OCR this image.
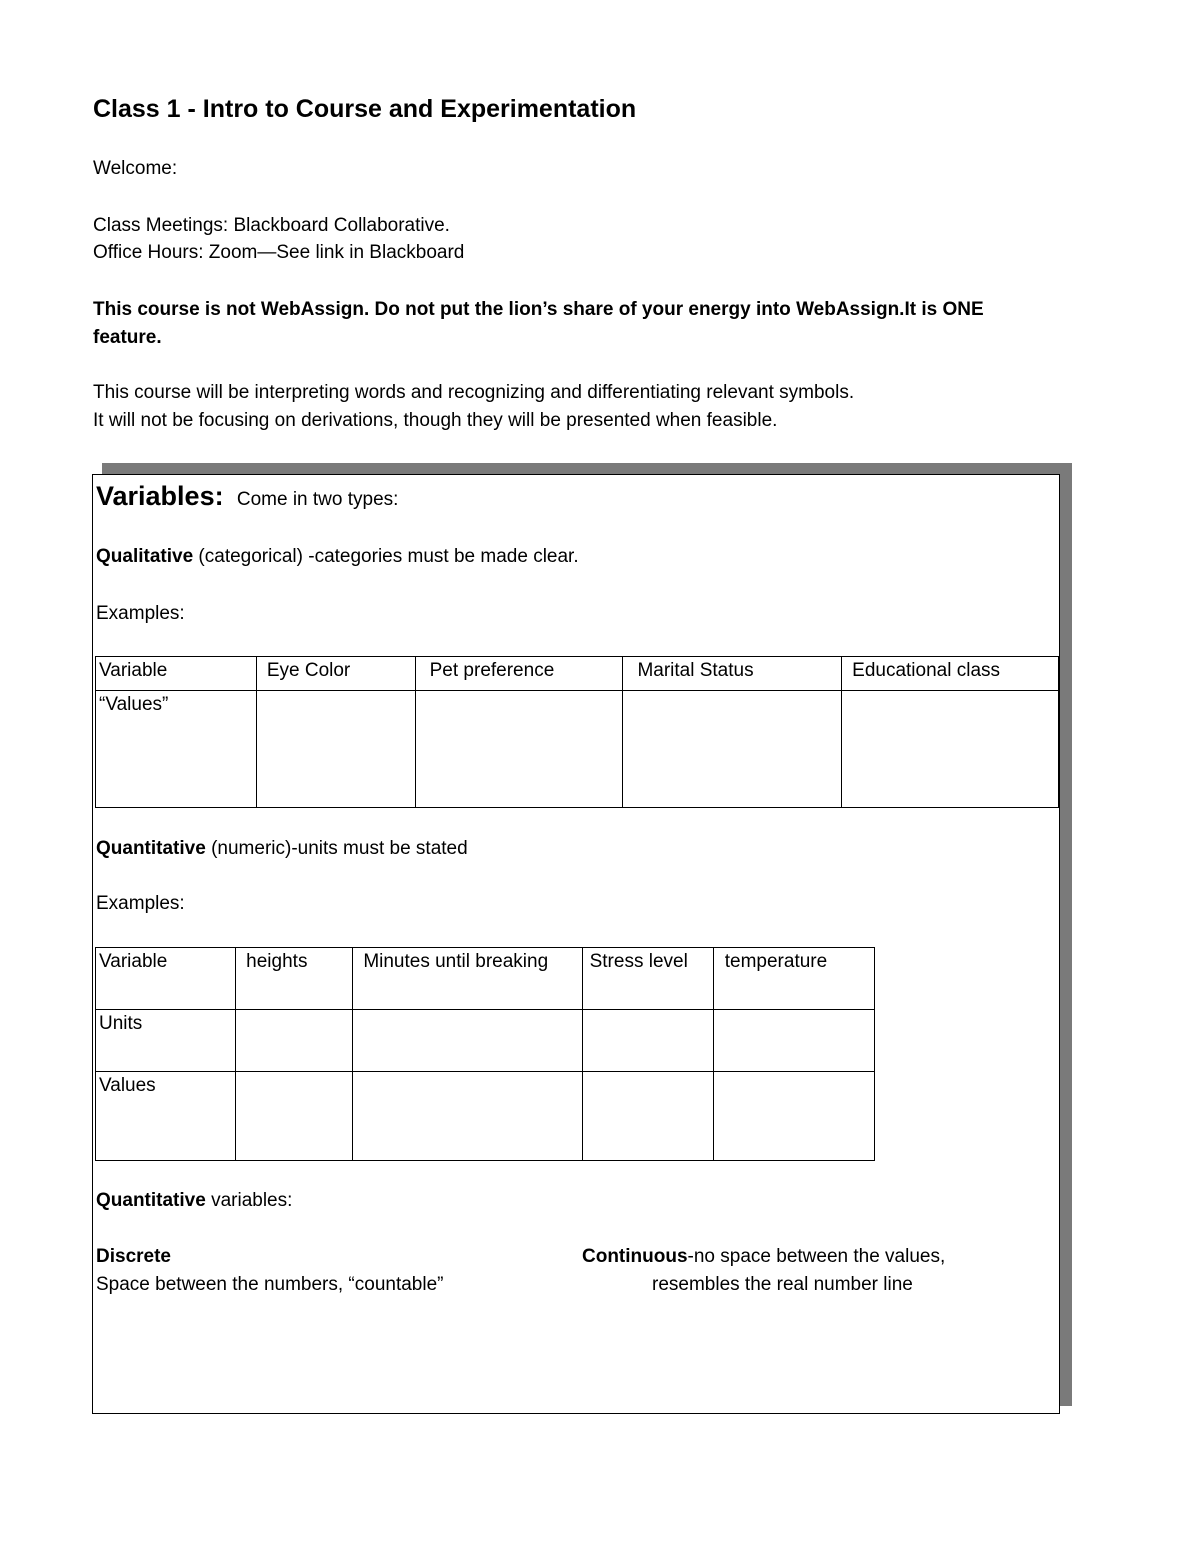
Class 1 - Intro to Course and Experimentation
Welcome:
Class Meetings: Blackboard Collaborative.
Office Hours: Zoom—See link in Blackboard
This course is not WebAssign. Do not put the lion’s share of your energy into WebAssign.It is ONE
feature.
This course will be interpreting words and recognizing and differentiating relevant symbols.
It will not be focusing on derivations, though they will be presented when feasible.
Variables: Come in two types:
Qualitative (categorical) -categories must be made clear.
Examples:
Variable	Eye Color	Pet preference	Marital Status	Educational class
“Values”				
Quantitative (numeric)-units must be stated
Examples:
Variable	heights	Minutes until breaking	Stress level	temperature
Units				
Values				
Quantitative variables:
Discrete
Space between the numbers, “countable”
Continuous-no space between the values,
resembles the real number line
